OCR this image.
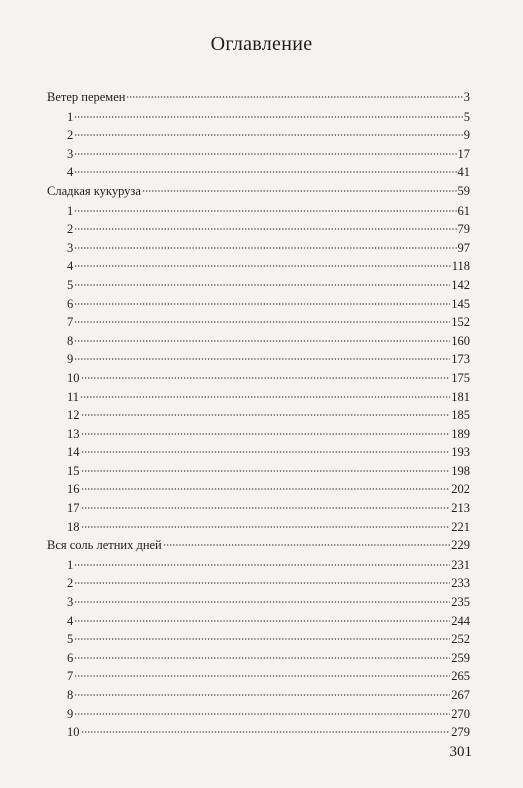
Оглавление
Ветер перемен	3
1	5
2	9
3	17
4	41
Сладкая кукуруза	59
1	61
2	79
3	97
4	118
5	142
6	145
7	152
8	160
9	173
10	175
11	181
12	185
13	189
14	193
15	198
16	202
17	213
18	221
Вся соль летних дней	229
1	231
2	233
3	235
4	244
5	252
6	259
7	265
8	267
9	270
10	279
301
